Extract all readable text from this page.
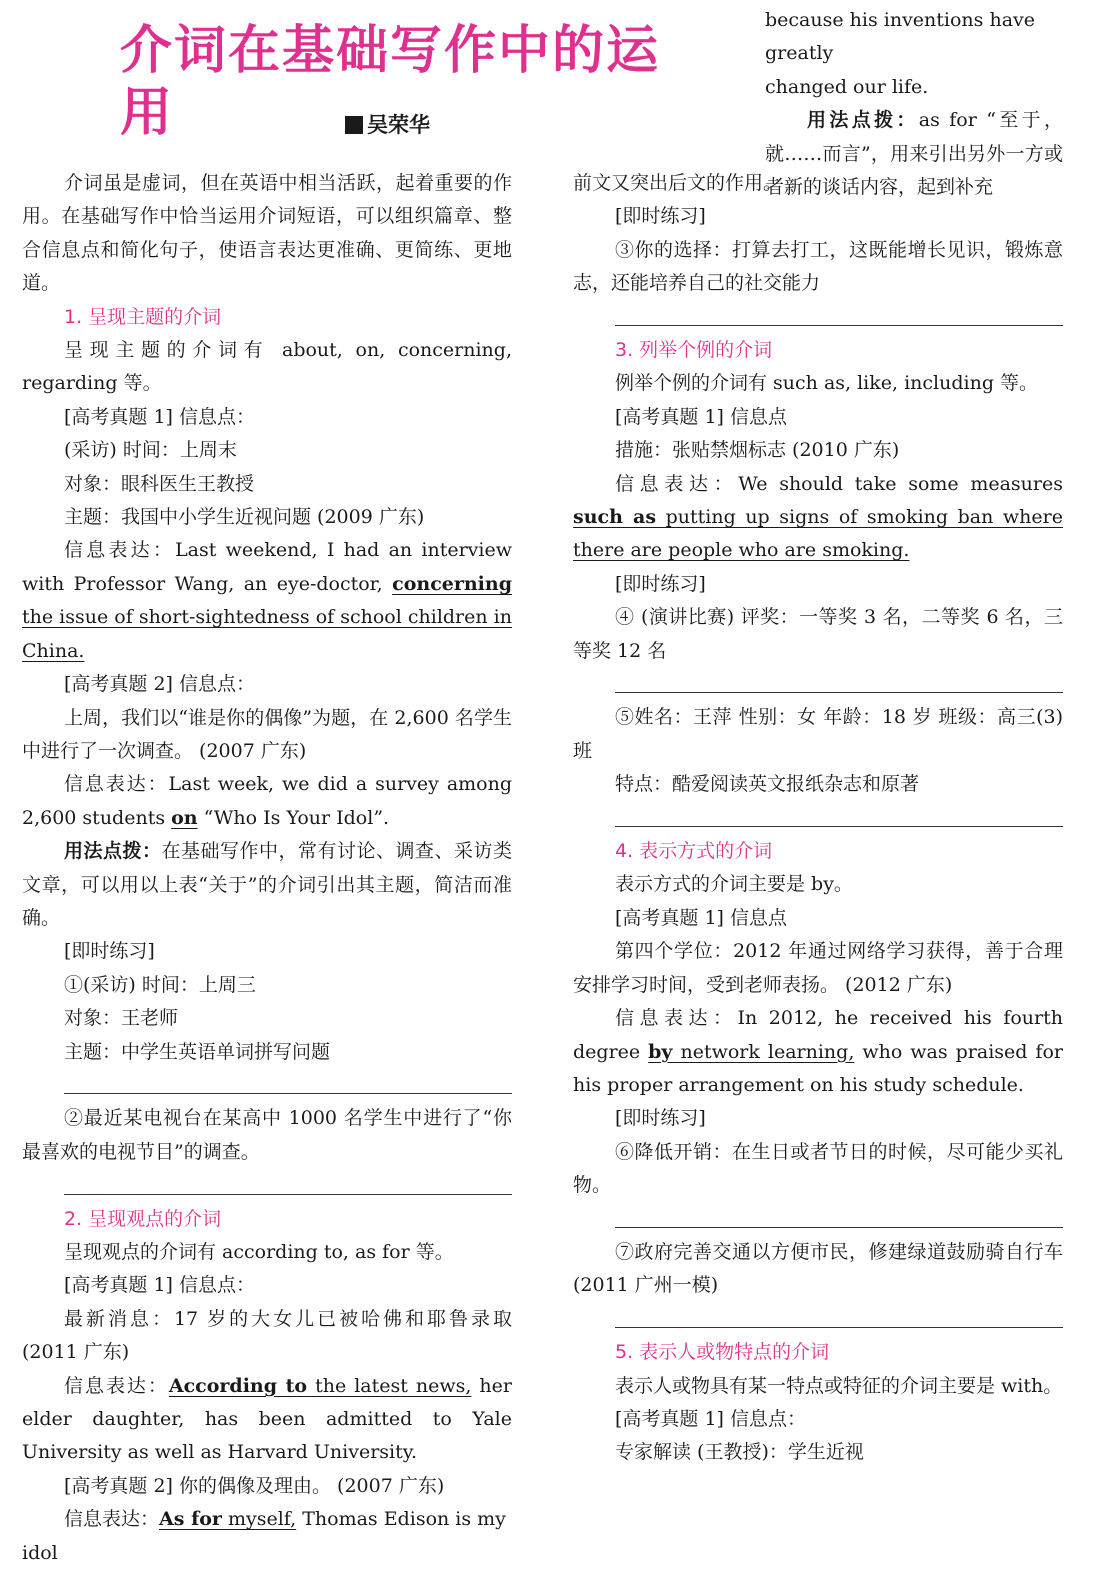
介词在基础写作中的运用	吴荣华

because his inventions have greatly

changed our life.

用法点拨：as for “至于，就……而言”，用来引出另外一方或者新的谈话内容，起到补充

介词虽是虚词，但在英语中相当活跃，起着重要的作用。在基础写作中恰当运用介词短语，可以组织篇章、整合信息点和简化句子，使语言表达更准确、更简练、更地道。

1. 呈现主题的介词

呈现主题的介词有 about, on, concerning, regarding 等。

[高考真题 1] 信息点：

(采访) 时间：上周末

对象：眼科医生王教授

主题：我国中小学生近视问题 (2009 广东)

信息表达：Last weekend, I had an interview with Professor Wang, an eye-doctor, concerning the issue of short-sightedness of school children in China.

[高考真题 2] 信息点：

上周，我们以“谁是你的偶像”为题，在 2,600 名学生中进行了一次调查。 (2007 广东)

信息表达：Last week, we did a survey among 2,600 students on “Who Is Your Idol”.

用法点拨：在基础写作中，常有讨论、调查、采访类文章，可以用以上表“关于”的介词引出其主题，简洁而准确。

[即时练习]

①(采访) 时间：上周三

对象：王老师

主题：中学生英语单词拼写问题

②最近某电视台在某高中 1000 名学生中进行了“你最喜欢的电视节目”的调查。

2. 呈现观点的介词

呈现观点的介词有 according to, as for 等。

[高考真题 1] 信息点：

最新消息：17 岁的大女儿已被哈佛和耶鲁录取 (2011 广东)

信息表达：According to the latest news, her elder daughter, has been admitted to Yale University as well as Harvard University.

[高考真题 2] 你的偶像及理由。 (2007 广东)

信息表达：As for myself, Thomas Edison is my idol

前文又突出后文的作用。

[即时练习]

③你的选择：打算去打工，这既能增长见识，锻炼意志，还能培养自己的社交能力

3. 列举个例的介词

例举个例的介词有 such as, like, including 等。

[高考真题 1] 信息点

措施：张贴禁烟标志 (2010 广东)

信息表达：We should take some measures such as putting up signs of smoking ban where there are people who are smoking.

[即时练习]

④ (演讲比赛) 评奖：一等奖 3 名，二等奖 6 名，三等奖 12 名

⑤姓名：王萍 性别：女 年龄：18 岁 班级：高三(3)班

特点：酷爱阅读英文报纸杂志和原著

4. 表示方式的介词

表示方式的介词主要是 by。

[高考真题 1] 信息点

第四个学位：2012 年通过网络学习获得，善于合理安排学习时间，受到老师表扬。 (2012 广东)

信息表达：In 2012, he received his fourth degree by network learning, who was praised for his proper arrangement on his study schedule.

[即时练习]

⑥降低开销：在生日或者节日的时候，尽可能少买礼物。

⑦政府完善交通以方便市民，修建绿道鼓励骑自行车 (2011 广州一模)

5. 表示人或物特点的介词

表示人或物具有某一特点或特征的介词主要是 with。

[高考真题 1] 信息点：

专家解读 (王教授)：学生近视
